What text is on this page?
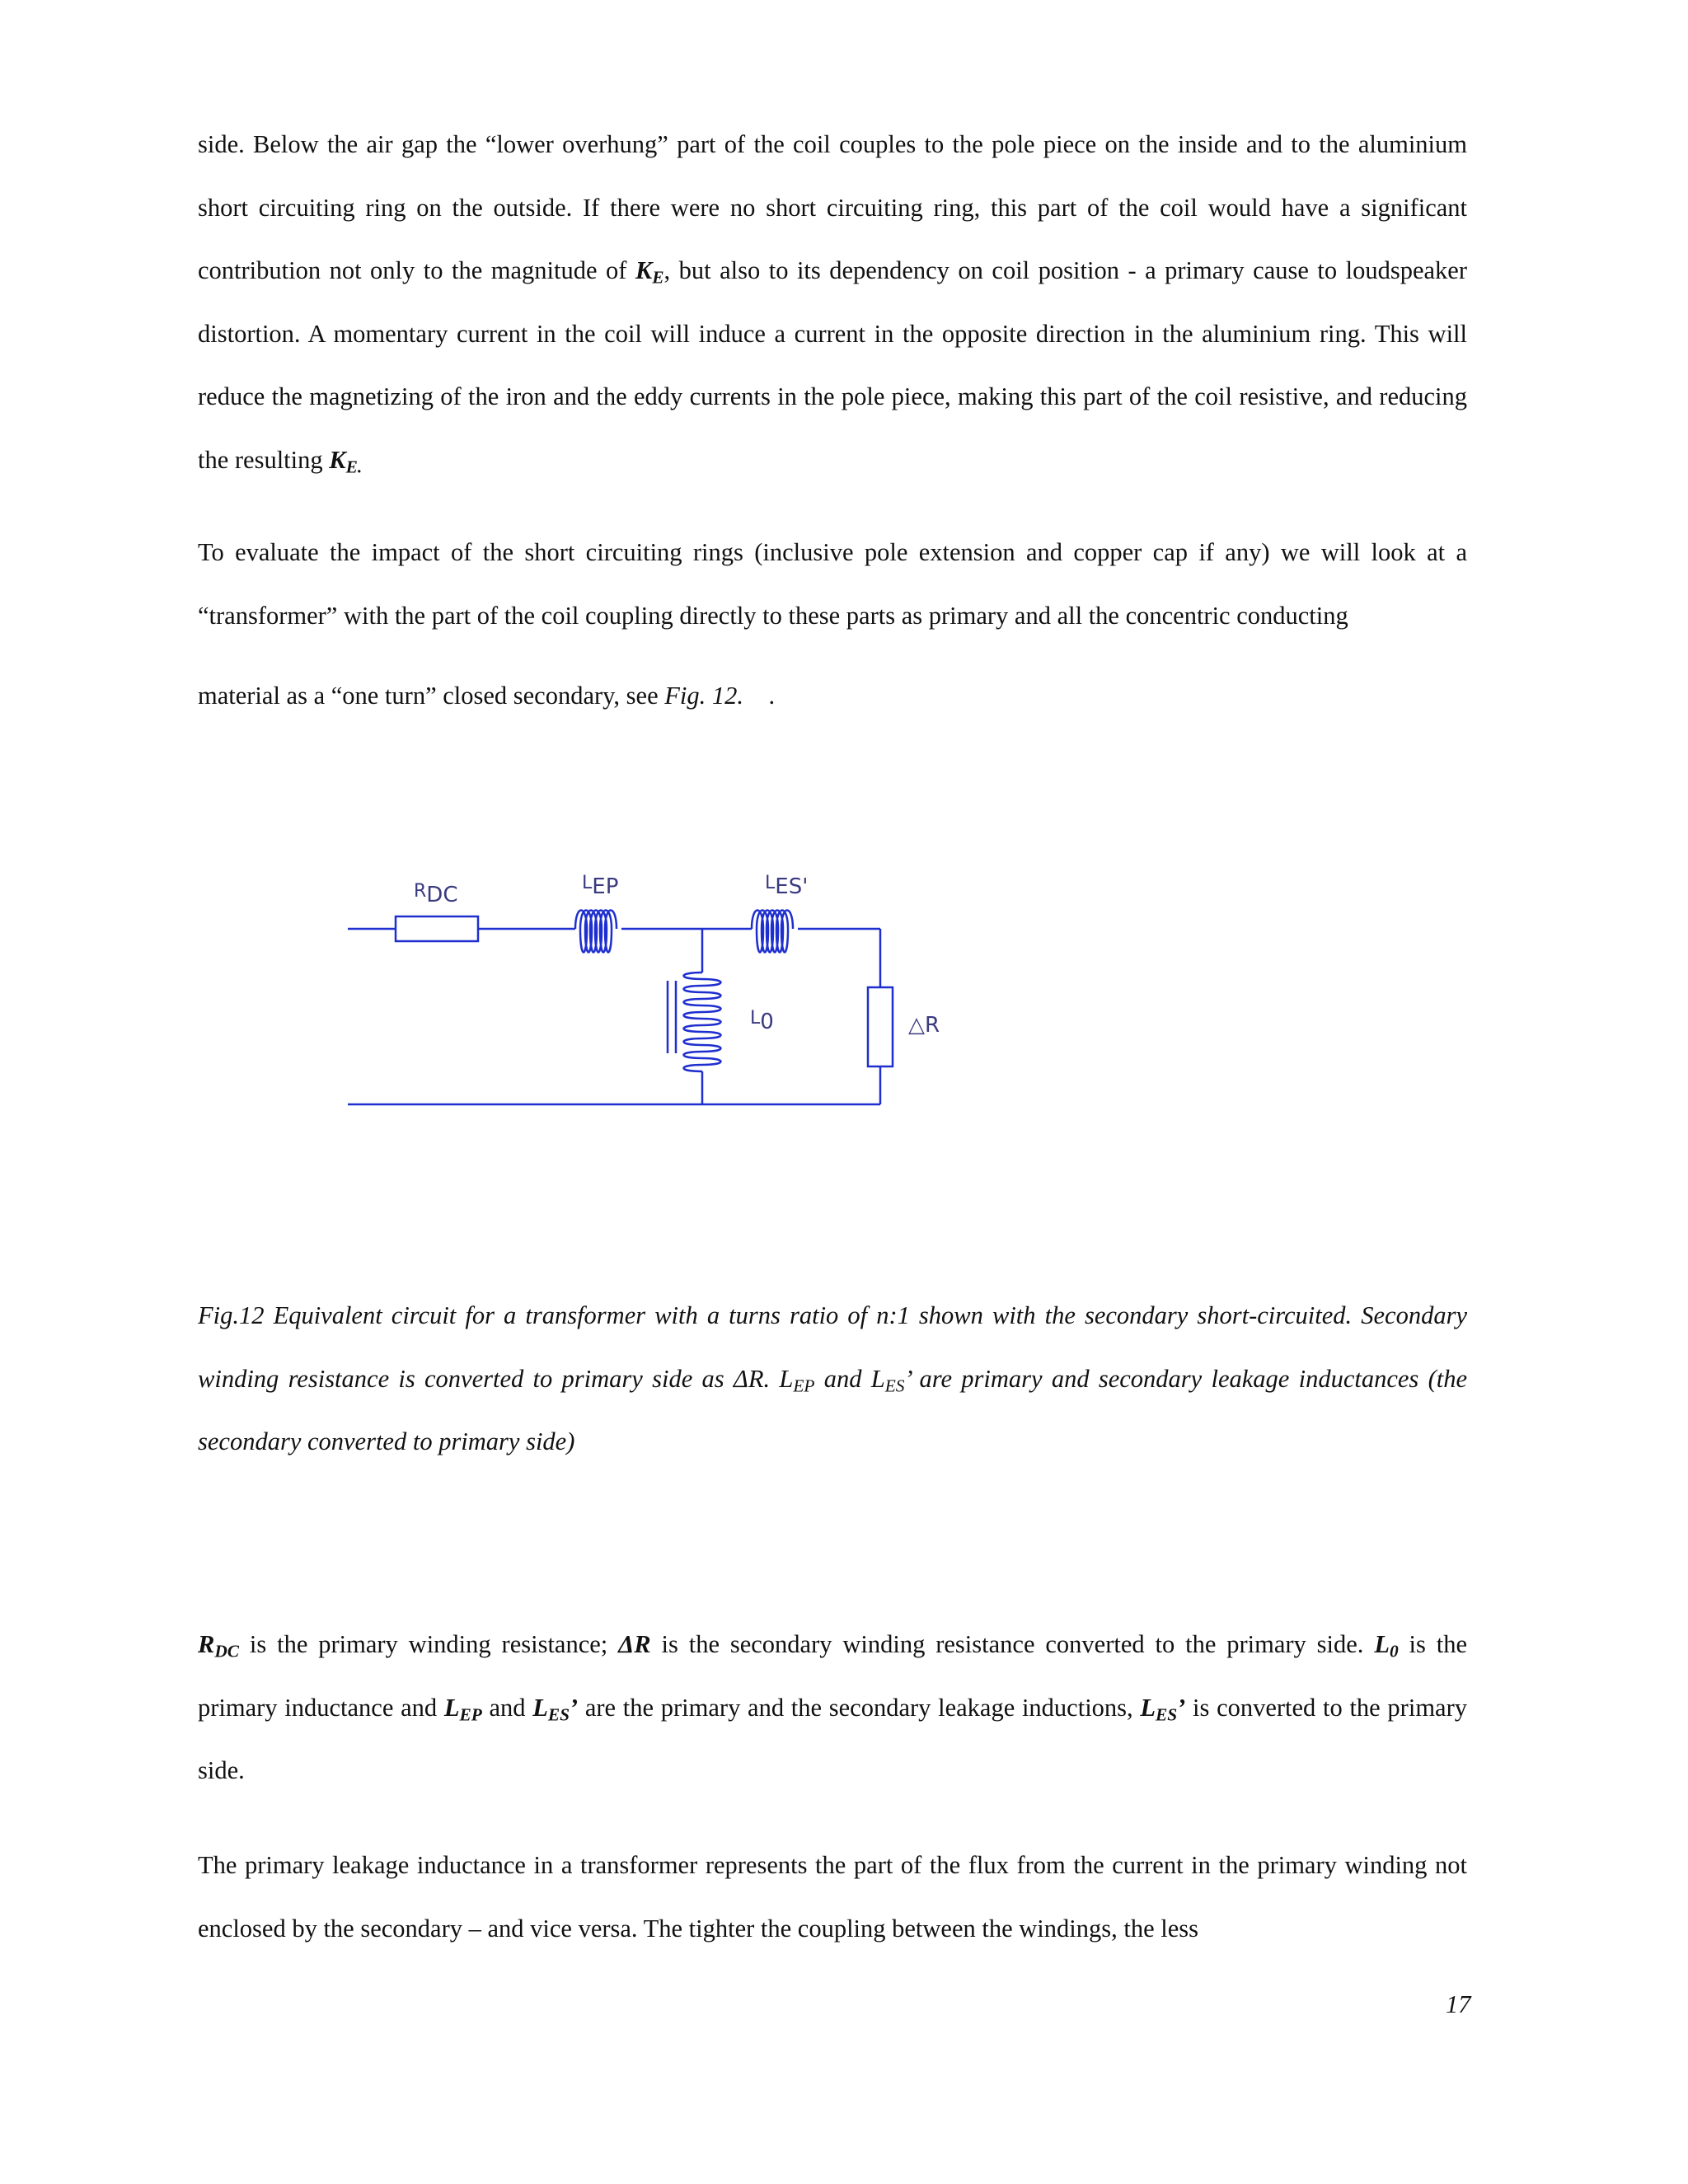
side. Below the air gap the “lower overhung” part of the coil couples to the pole piece on the inside and to the aluminium short circuiting ring on the outside. If there were no short circuiting ring, this part of the coil would have a significant contribution not only to the magnitude of $K_E$, but also to its dependency on coil position - a primary cause to loudspeaker distortion. A momentary current in the coil will induce a current in the opposite direction in the aluminium ring. This will reduce the magnetizing of the iron and the eddy currents in the pole piece, making this part of the coil resistive, and reducing the resulting $K_{E.}$

To evaluate the impact of the short circuiting rings (inclusive pole extension and copper cap if any) we will look at a “transformer” with the part of the coil coupling directly to these parts as primary and all the concentric conducting

material as a “one turn” closed secondary, see Fig. 12.    .
RDC	LEP	LES'
L0	△R

Fig.12 Equivalent circuit for a transformer with a turns ratio of n:1 shown with the secondary short-circuited. Secondary winding resistance is converted to primary side as ΔR. $L_{EP}$ and $L_{ES}$’ are primary and secondary leakage inductances (the secondary converted to primary side)

$R_{DC}$ is the primary winding resistance; ΔR is the secondary winding resistance converted to the primary side. $L_0$ is the primary inductance and $L_{EP}$ and $L_{ES}$’ are the primary and the secondary leakage inductions, $L_{ES}$’ is converted to the primary side.

The primary leakage inductance in a transformer represents the part of the flux from the current in the primary winding not enclosed by the secondary – and vice versa. The tighter the coupling between the windings, the less

17
